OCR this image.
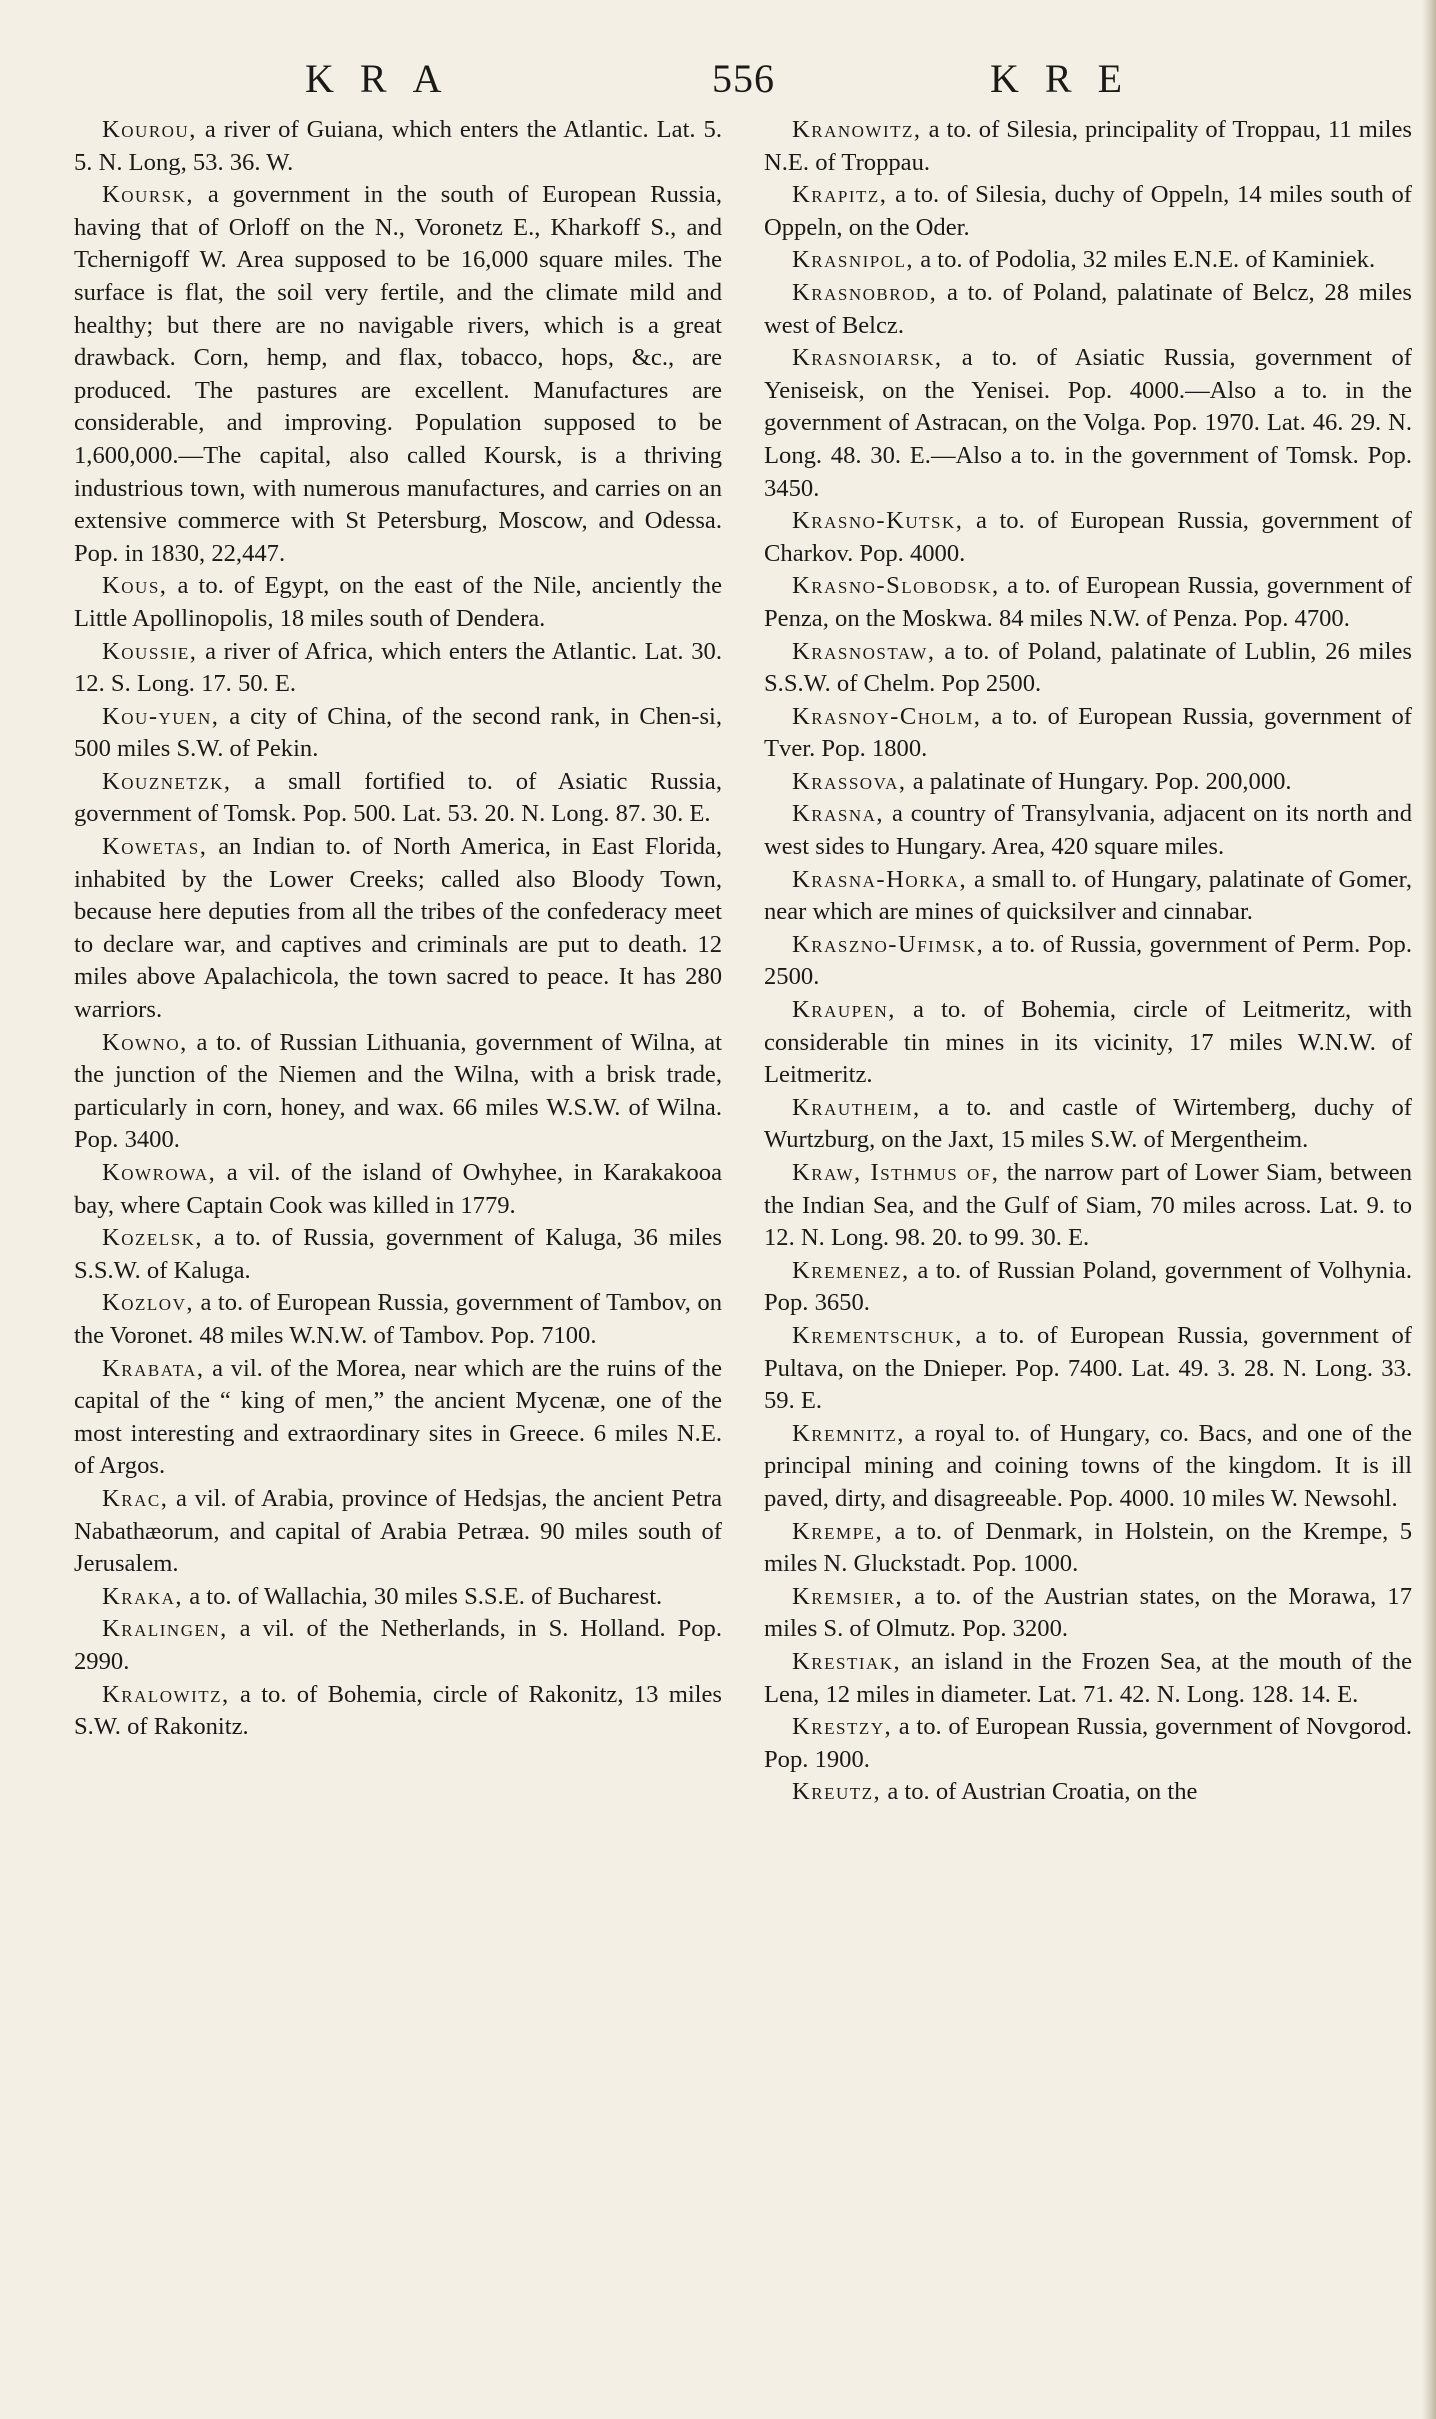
KRA	556	KRE

Kourou, a river of Guiana, which enters the Atlantic. Lat. 5. 5. N. Long, 53. 36. W.

Koursk, a government in the south of European Russia, having that of Orloff on the N., Voronetz E., Kharkoff S., and Tchernigoff W. Area supposed to be 16,000 square miles. The surface is flat, the soil very fertile, and the climate mild and healthy; but there are no navigable rivers, which is a great drawback. Corn, hemp, and flax, tobacco, hops, &c., are produced. The pastures are excellent. Manufactures are considerable, and improving. Population supposed to be 1,600,000.—The capital, also called Koursk, is a thriving industrious town, with numerous manufactures, and carries on an extensive commerce with St Petersburg, Moscow, and Odessa. Pop. in 1830, 22,447.

Kous, a to. of Egypt, on the east of the Nile, anciently the Little Apollinopolis, 18 miles south of Dendera.

Koussie, a river of Africa, which enters the Atlantic. Lat. 30. 12. S. Long. 17. 50. E.

Kou-yuen, a city of China, of the second rank, in Chen-si, 500 miles S.W. of Pekin.

Kouznetzk, a small fortified to. of Asiatic Russia, government of Tomsk. Pop. 500. Lat. 53. 20. N. Long. 87. 30. E.

Kowetas, an Indian to. of North America, in East Florida, inhabited by the Lower Creeks; called also Bloody Town, because here deputies from all the tribes of the confederacy meet to declare war, and captives and criminals are put to death. 12 miles above Apalachicola, the town sacred to peace. It has 280 warriors.

Kowno, a to. of Russian Lithuania, government of Wilna, at the junction of the Niemen and the Wilna, with a brisk trade, particularly in corn, honey, and wax. 66 miles W.S.W. of Wilna. Pop. 3400.

Kowrowa, a vil. of the island of Owhyhee, in Karakakooa bay, where Captain Cook was killed in 1779.

Kozelsk, a to. of Russia, government of Kaluga, 36 miles S.S.W. of Kaluga.

Kozlov, a to. of European Russia, government of Tambov, on the Voronet. 48 miles W.N.W. of Tambov. Pop. 7100.

Krabata, a vil. of the Morea, near which are the ruins of the capital of the “ king of men,” the ancient Mycenæ, one of the most interesting and extraordinary sites in Greece. 6 miles N.E. of Argos.

Krac, a vil. of Arabia, province of Hedsjas, the ancient Petra Nabathæorum, and capital of Arabia Petræa. 90 miles south of Jerusalem.

Kraka, a to. of Wallachia, 30 miles S.S.E. of Bucharest.

Kralingen, a vil. of the Netherlands, in S. Holland. Pop. 2990.

Kralowitz, a to. of Bohemia, circle of Rakonitz, 13 miles S.W. of Rakonitz.

Kranowitz, a to. of Silesia, principality of Troppau, 11 miles N.E. of Troppau.

Krapitz, a to. of Silesia, duchy of Oppeln, 14 miles south of Oppeln, on the Oder.

Krasnipol, a to. of Podolia, 32 miles E.N.E. of Kaminiek.

Krasnobrod, a to. of Poland, palatinate of Belcz, 28 miles west of Belcz.

Krasnoiarsk, a to. of Asiatic Russia, government of Yeniseisk, on the Yenisei. Pop. 4000.—Also a to. in the government of Astracan, on the Volga. Pop. 1970. Lat. 46. 29. N. Long. 48. 30. E.—Also a to. in the government of Tomsk. Pop. 3450.

Krasno-Kutsk, a to. of European Russia, government of Charkov. Pop. 4000.

Krasno-Slobodsk, a to. of European Russia, government of Penza, on the Moskwa. 84 miles N.W. of Penza. Pop. 4700.

Krasnostaw, a to. of Poland, palatinate of Lublin, 26 miles S.S.W. of Chelm. Pop 2500.

Krasnoy-Cholm, a to. of European Russia, government of Tver. Pop. 1800.

Krassova, a palatinate of Hungary. Pop. 200,000.

Krasna, a country of Transylvania, adjacent on its north and west sides to Hungary. Area, 420 square miles.

Krasna-Horka, a small to. of Hungary, palatinate of Gomer, near which are mines of quicksilver and cinnabar.

Kraszno-Ufimsk, a to. of Russia, government of Perm. Pop. 2500.

Kraupen, a to. of Bohemia, circle of Leitmeritz, with considerable tin mines in its vicinity, 17 miles W.N.W. of Leitmeritz.

Krautheim, a to. and castle of Wirtemberg, duchy of Wurtzburg, on the Jaxt, 15 miles S.W. of Mergentheim.

Kraw, Isthmus of, the narrow part of Lower Siam, between the Indian Sea, and the Gulf of Siam, 70 miles across. Lat. 9. to 12. N. Long. 98. 20. to 99. 30. E.

Kremenez, a to. of Russian Poland, government of Volhynia. Pop. 3650.

Krementschuk, a to. of European Russia, government of Pultava, on the Dnieper. Pop. 7400. Lat. 49. 3. 28. N. Long. 33. 59. E.

Kremnitz, a royal to. of Hungary, co. Bacs, and one of the principal mining and coining towns of the kingdom. It is ill paved, dirty, and disagreeable. Pop. 4000. 10 miles W. Newsohl.

Krempe, a to. of Denmark, in Holstein, on the Krempe, 5 miles N. Gluckstadt. Pop. 1000.

Kremsier, a to. of the Austrian states, on the Morawa, 17 miles S. of Olmutz. Pop. 3200.

Krestiak, an island in the Frozen Sea, at the mouth of the Lena, 12 miles in diameter. Lat. 71. 42. N. Long. 128. 14. E.

Krestzy, a to. of European Russia, government of Novgorod. Pop. 1900.

Kreutz, a to. of Austrian Croatia, on the
